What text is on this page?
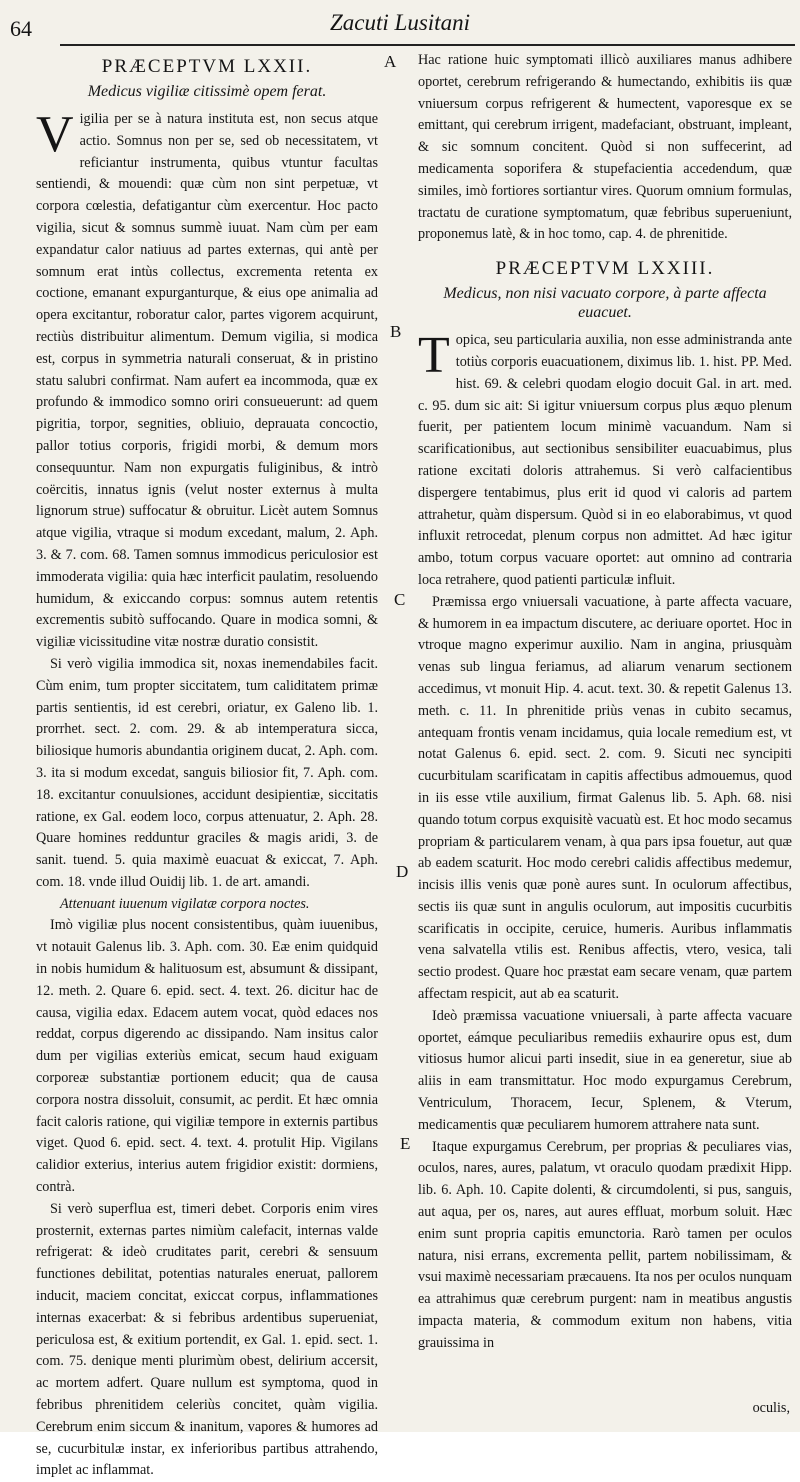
64	Zacuti Lusitani
A
B
C
D
E
PRÆCEPTVM LXXII.
Medicus vigiliæ citissimè opem ferat.

Vigilia per se à natura instituta est, non secus atque actio. Somnus non per se, sed ob necessitatem, vt reficiantur instrumenta, quibus vtuntur facultas sentiendi, & mouendi: quæ cùm non sint perpetuæ, vt corpora cœlestia, defatigantur cùm exercentur. Hoc pacto vigilia, sicut & somnus summè iuuat. Nam cùm per eam expandatur calor natiuus ad partes externas, qui antè per somnum erat intùs collectus, excrementa retenta ex coctione, emanant expurganturque, & eius ope animalia ad opera excitantur, roboratur calor, partes vigorem acquirunt, rectiùs distribuitur alimentum. Demum vigilia, si modica est, corpus in symmetria naturali conseruat, & in pristino statu salubri confirmat. Nam aufert ea incommoda, quæ ex profundo & immodico somno oriri consueuerunt: ad quem pigritia, torpor, segnities, obliuio, deprauata concoctio, pallor totius corporis, frigidi morbi, & demum mors consequuntur. Nam non expurgatis fuliginibus, & intrò coërcitis, innatus ignis (velut noster externus à multa lignorum strue) suffocatur & obruitur. Licèt autem Somnus atque vigilia, vtraque si modum excedant, malum, 2. Aph. 3. & 7. com. 68. Tamen somnus immodicus periculosior est immoderata vigilia: quia hæc interficit paulatim, resoluendo humidum, & exiccando corpus: somnus autem retentis excrementis subitò suffocando. Quare in modica somni, & vigiliæ vicissitudine vitæ nostræ duratio consistit.

Si verò vigilia immodica sit, noxas inemendabiles facit. Cùm enim, tum propter siccitatem, tum caliditatem primæ partis sentientis, id est cerebri, oriatur, ex Galeno lib. 1. prorrhet. sect. 2. com. 29. & ab intemperatura sicca, biliosique humoris abundantia originem ducat, 2. Aph. com. 3. ita si modum excedat, sanguis biliosior fit, 7. Aph. com. 18. excitantur conuulsiones, accidunt desipientiæ, siccitatis ratione, ex Gal. eodem loco, corpus attenuatur, 2. Aph. 28. Quare homines redduntur graciles & magis aridi, 3. de sanit. tuend. 5. quia maximè euacuat & exiccat, 7. Aph. com. 18. vnde illud Ouidij lib. 1. de art. amandi.

Attenuant iuuenum vigilatæ corpora noctes.

Imò vigiliæ plus nocent consistentibus, quàm iuuenibus, vt notauit Galenus lib. 3. Aph. com. 30. Eæ enim quidquid in nobis humidum & halituosum est, absumunt & dissipant, 12. meth. 2. Quare 6. epid. sect. 4. text. 26. dicitur hac de causa, vigilia edax. Edacem autem vocat, quòd edaces nos reddat, corpus digerendo ac dissipando. Nam insitus calor dum per vigilias exteriùs emicat, secum haud exiguam corporeæ substantiæ portionem educit; qua de causa corpora nostra dissoluit, consumit, ac perdit. Et hæc omnia facit caloris ratione, qui vigiliæ tempore in externis partibus viget. Quod 6. epid. sect. 4. text. 4. protulit Hip. Vigilans calidior exterius, interius autem frigidior existit: dormiens, contrà.

Si verò superflua est, timeri debet. Corporis enim vires prosternit, externas partes nimiùm calefacit, internas valde refrigerat: & ideò cruditates parit, cerebri & sensuum functiones debilitat, potentias naturales eneruat, pallorem inducit, maciem concitat, exiccat corpus, inflammationes internas exacerbat: & si febribus ardentibus superueniat, periculosa est, & exitium portendit, ex Gal. 1. epid. sect. 1. com. 75. denique menti plurimùm obest, delirium accersit, ac mortem adfert. Quare nullum est symptoma, quod in febribus phrenitidem celeriùs concitet, quàm vigilia. Cerebrum enim siccum & inanitum, vapores & humores ad se, cucurbitulæ instar, ex inferioribus partibus attrahendo, implet ac inflammat.

Hac ratione huic symptomati illicò auxiliares manus adhibere oportet, cerebrum refrigerando & humectando, exhibitis iis quæ vniuersum corpus refrigerent & humectent, vaporesque ex se emittant, qui cerebrum irrigent, madefaciant, obstruant, impleant, & sic somnum concitent. Quòd si non suffecerint, ad medicamenta soporifera & stupefacientia accedendum, quæ similes, imò fortiores sortiantur vires. Quorum omnium formulas, tractatu de curatione symptomatum, quæ febribus superueniunt, proponemus latè, & in hoc tomo, cap. 4. de phrenitide.

PRÆCEPTVM LXXIII.
Medicus, non nisi vacuato corpore, à parte affecta euacuet.

Topica, seu particularia auxilia, non esse administranda ante totiùs corporis euacuationem, diximus lib. 1. hist. PP. Med. hist. 69. & celebri quodam elogio docuit Gal. in art. med. c. 95. dum sic ait: Si igitur vniuersum corpus plus æquo plenum fuerit, per patientem locum minimè vacuandum. Nam si scarificationibus, aut sectionibus sensibiliter euacuabimus, plus ratione excitati doloris attrahemus. Si verò calfacientibus dispergere tentabimus, plus erit id quod vi caloris ad partem attrahetur, quàm dispersum. Quòd si in eo elaborabimus, vt quod influxit retrocedat, plenum corpus non admittet. Ad hæc igitur ambo, totum corpus vacuare oportet: aut omnino ad contraria loca retrahere, quod patienti particulæ influit.

Præmissa ergo vniuersali vacuatione, à parte affecta vacuare, & humorem in ea impactum discutere, ac deriuare oportet. Hoc in vtroque magno experimur auxilio. Nam in angina, priusquàm venas sub lingua feriamus, ad aliarum venarum sectionem accedimus, vt monuit Hip. 4. acut. text. 30. & repetit Galenus 13. meth. c. 11. In phrenitide priùs venas in cubito secamus, antequam frontis venam incidamus, quia locale remedium est, vt notat Galenus 6. epid. sect. 2. com. 9. Sicuti nec syncipiti cucurbitulam scarificatam in capitis affectibus admouemus, quod in iis esse vtile auxilium, firmat Galenus lib. 5. Aph. 68. nisi quando totum corpus exquisitè vacuatù est. Et hoc modo secamus propriam & particularem venam, à qua pars ipsa fouetur, aut quæ ab eadem scaturit. Hoc modo cerebri calidis affectibus medemur, incisis illis venis quæ ponè aures sunt. In oculorum affectibus, sectis iis quæ sunt in angulis oculorum, aut impositis cucurbitis scarificatis in occipite, ceruice, humeris. Auribus inflammatis vena salvatella vtilis est. Renibus affectis, vtero, vesica, tali sectio prodest. Quare hoc præstat eam secare venam, quæ partem affectam respicit, aut ab ea scaturit.

Ideò præmissa vacuatione vniuersali, à parte affecta vacuare oportet, eámque peculiaribus remediis exhaurire opus est, dum vitiosus humor alicui parti insedit, siue in ea generetur, siue ab aliis in eam transmittatur. Hoc modo expurgamus Cerebrum, Ventriculum, Thoracem, Iecur, Splenem, & Vterum, medicamentis quæ peculiarem humorem attrahere nata sunt.

Itaque expurgamus Cerebrum, per proprias & peculiares vias, oculos, nares, aures, palatum, vt oraculo quodam prædixit Hipp. lib. 6. Aph. 10. Capite dolenti, & circumdolenti, si pus, sanguis, aut aqua, per os, nares, aut aures effluat, morbum soluit. Hæc enim sunt propria capitis emunctoria. Rarò tamen per oculos natura, nisi errans, excrementa pellit, partem nobilissimam, & vsui maximè necessariam præcauens. Ita nos per oculos nunquam ea attrahimus quæ cerebrum purgent: nam in meatibus angustis impacta materia, & commodum exitum non habens, vitia grauissima in

oculis,
